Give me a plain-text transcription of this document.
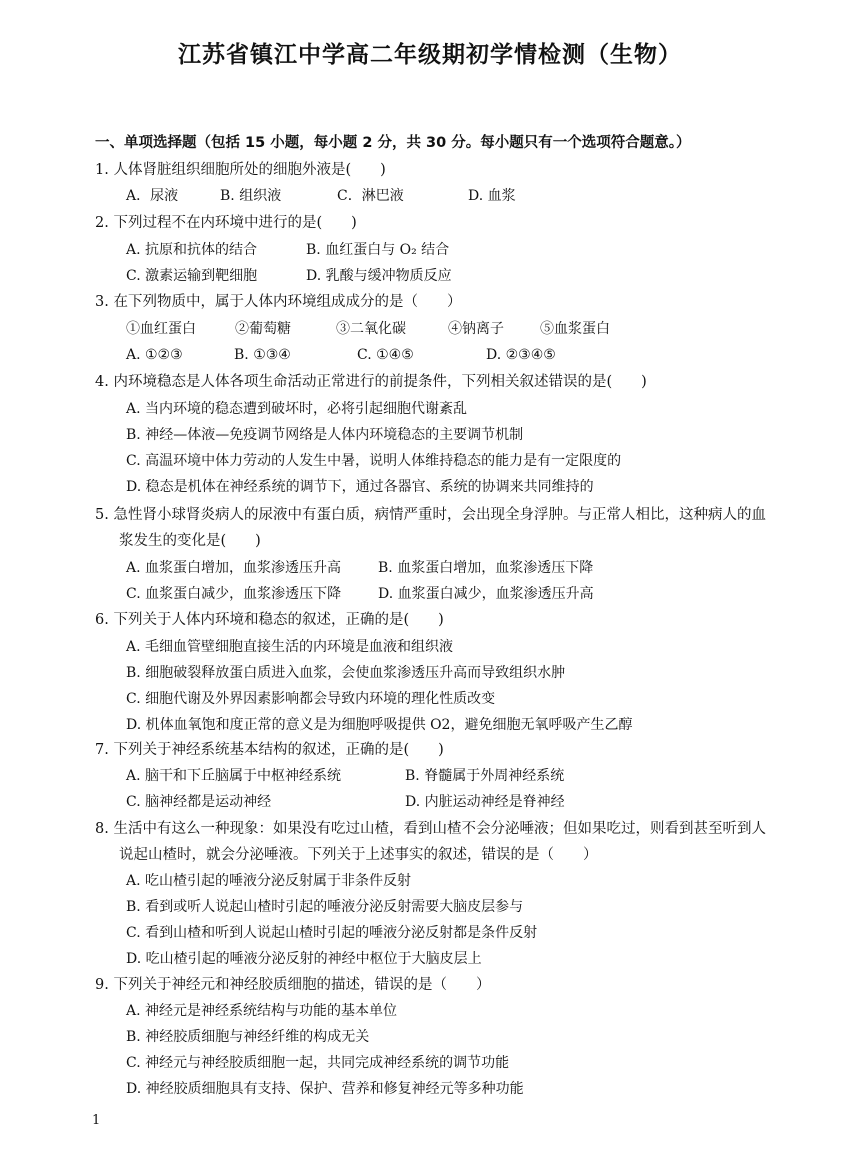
江苏省镇江中学高二年级期初学情检测（生物）
一、单项选择题（包括 15 小题，每小题 2 分，共 30 分。每小题只有一个选项符合题意。）
1. 人体肾脏组织细胞所处的细胞外液是(　　)
A．尿液	B. 组织液	C．淋巴液	D. 血浆
2. 下列过程不在内环境中进行的是(　　)
A. 抗原和抗体的结合	B. 血红蛋白与 O₂ 结合
C. 激素运输到靶细胞	D. 乳酸与缓冲物质反应
3. 在下列物质中，属于人体内环境组成成分的是（　　）
①血红蛋白	②葡萄糖	③二氧化碳	④钠离子	⑤血浆蛋白
A. ①②③	B. ①③④	C. ①④⑤	D. ②③④⑤
4. 内环境稳态是人体各项生命活动正常进行的前提条件，下列相关叙述错误的是(　　)
A. 当内环境的稳态遭到破坏时，必将引起细胞代谢紊乱
B. 神经—体液—免疫调节网络是人体内环境稳态的主要调节机制
C. 高温环境中体力劳动的人发生中暑，说明人体维持稳态的能力是有一定限度的
D. 稳态是机体在神经系统的调节下，通过各器官、系统的协调来共同维持的
5. 急性肾小球肾炎病人的尿液中有蛋白质，病情严重时，会出现全身浮肿。与正常人相比，这种病人的血
浆发生的变化是(　　)
A. 血浆蛋白增加，血浆渗透压升高	B. 血浆蛋白增加，血浆渗透压下降
C. 血浆蛋白减少，血浆渗透压下降	D. 血浆蛋白减少，血浆渗透压升高
6. 下列关于人体内环境和稳态的叙述，正确的是(　　)
A. 毛细血管壁细胞直接生活的内环境是血液和组织液
B. 细胞破裂释放蛋白质进入血浆，会使血浆渗透压升高而导致组织水肿
C. 细胞代谢及外界因素影响都会导致内环境的理化性质改变
D. 机体血氧饱和度正常的意义是为细胞呼吸提供 O2，避免细胞无氧呼吸产生乙醇
7. 下列关于神经系统基本结构的叙述，正确的是(　　)
A. 脑干和下丘脑属于中枢神经系统	B. 脊髓属于外周神经系统
C. 脑神经都是运动神经	D. 内脏运动神经是脊神经
8. 生活中有这么一种现象：如果没有吃过山楂，看到山楂不会分泌唾液；但如果吃过，则看到甚至听到人
说起山楂时，就会分泌唾液。下列关于上述事实的叙述，错误的是（　　）
A. 吃山楂引起的唾液分泌反射属于非条件反射
B. 看到或听人说起山楂时引起的唾液分泌反射需要大脑皮层参与
C. 看到山楂和听到人说起山楂时引起的唾液分泌反射都是条件反射
D. 吃山楂引起的唾液分泌反射的神经中枢位于大脑皮层上
9. 下列关于神经元和神经胶质细胞的描述，错误的是（　　）
A. 神经元是神经系统结构与功能的基本单位
B. 神经胶质细胞与神经纤维的构成无关
C. 神经元与神经胶质细胞一起，共同完成神经系统的调节功能
D. 神经胶质细胞具有支持、保护、营养和修复神经元等多种功能
1
